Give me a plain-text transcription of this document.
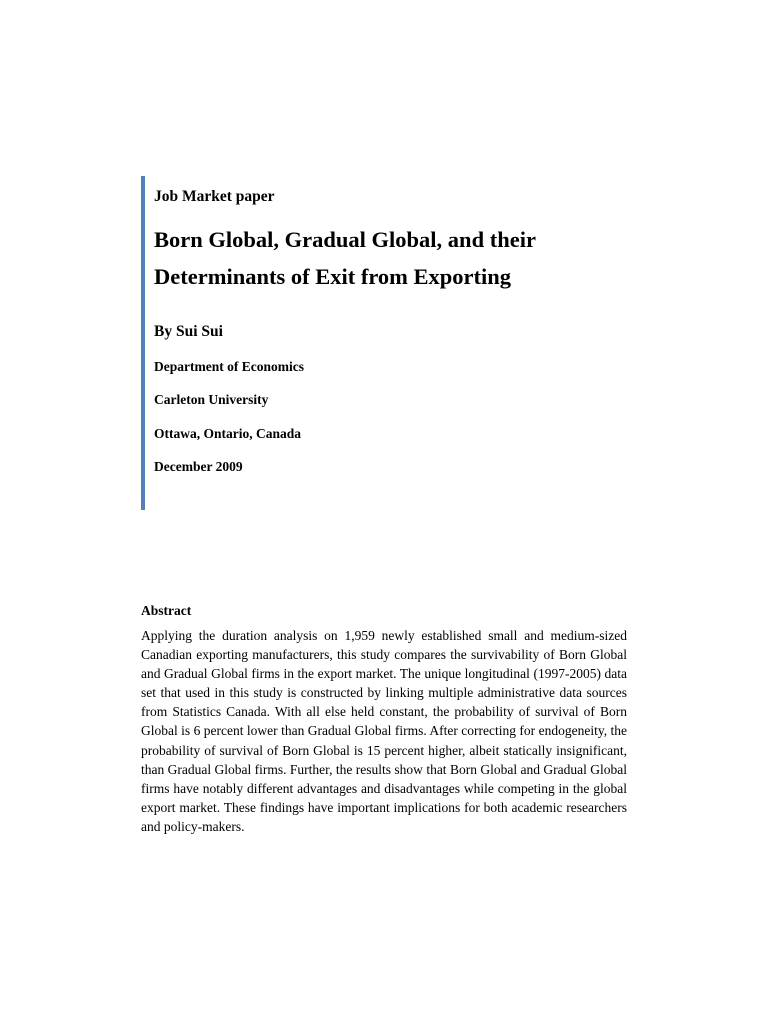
Job Market paper
Born Global, Gradual Global, and their
Determinants of Exit from Exporting
By Sui Sui
Department of Economics
Carleton University
Ottawa, Ontario, Canada
December 2009
Abstract

Applying the duration analysis on 1,959 newly established small and medium-sized Canadian exporting manufacturers, this study compares the survivability of Born Global and Gradual Global firms in the export market. The unique longitudinal (1997-2005) data set that used in this study is constructed by linking multiple administrative data sources from Statistics Canada. With all else held constant, the probability of survival of Born Global is 6 percent lower than Gradual Global firms. After correcting for endogeneity, the probability of survival of Born Global is 15 percent higher, albeit statically insignificant, than Gradual Global firms. Further, the results show that Born Global and Gradual Global firms have notably different advantages and disadvantages while competing in the global export market. These findings have important implications for both academic researchers and policy-makers.
